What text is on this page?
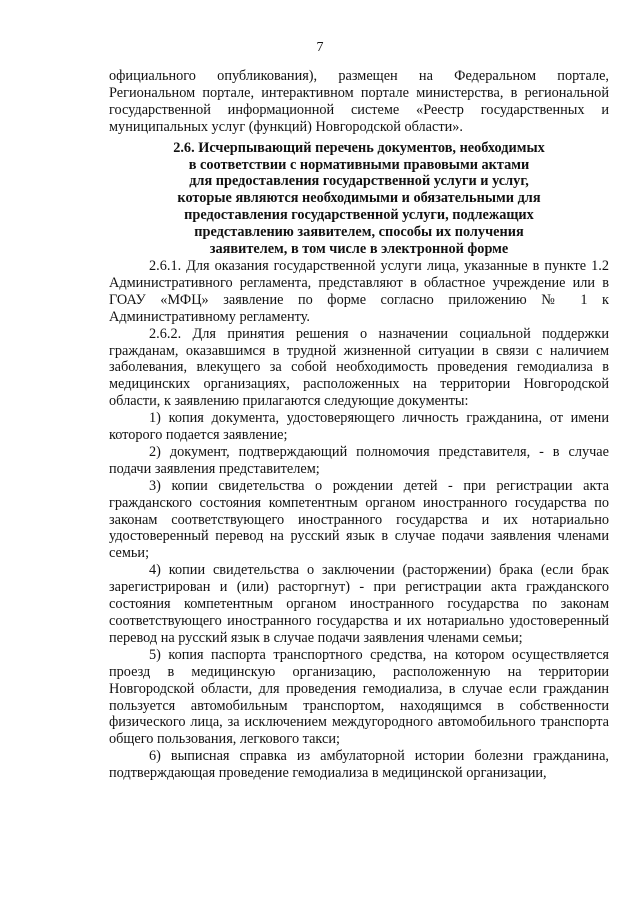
7

официального опубликования), размещен на Федеральном портале, Региональном портале, интерактивном портале министерства, в региональной государственной информационной системе «Реестр государственных и муниципальных услуг (функций) Новгородской области».

2.6. Исчерпывающий перечень документов, необходимых
в соответствии с нормативными правовыми актами
для предоставления государственной услуги и услуг,
которые являются необходимыми и обязательными для
предоставления государственной услуги, подлежащих
представлению заявителем, способы их получения
заявителем, в том числе в электронной форме

2.6.1. Для оказания государственной услуги лица, указанные в пункте 1.2 Административного регламента, представляют в областное учреждение или в ГОАУ «МФЦ» заявление по форме согласно приложению № 1 к Административному регламенту.

2.6.2. Для принятия решения о назначении социальной поддержки гражданам, оказавшимся в трудной жизненной ситуации в связи с наличием заболевания, влекущего за собой необходимость проведения гемодиализа в медицинских организациях, расположенных на территории Новгородской области, к заявлению прилагаются следующие документы:

1) копия документа, удостоверяющего личность гражданина, от имени которого подается заявление;

2) документ, подтверждающий полномочия представителя, - в случае подачи заявления представителем;

3) копии свидетельства о рождении детей - при регистрации акта гражданского состояния компетентным органом иностранного государства по законам соответствующего иностранного государства и их нотариально удостоверенный перевод на русский язык в случае подачи заявления членами семьи;

4) копии свидетельства о заключении (расторжении) брака (если брак зарегистрирован и (или) расторгнут) - при регистрации акта гражданского состояния компетентным органом иностранного государства по законам соответствующего иностранного государства и их нотариально удостоверенный перевод на русский язык в случае подачи заявления членами семьи;

5) копия паспорта транспортного средства, на котором осуществляется проезд в медицинскую организацию, расположенную на территории Новгородской области, для проведения гемодиализа, в случае если гражданин пользуется автомобильным транспортом, находящимся в собственности физического лица, за исключением междугородного автомобильного транспорта общего пользования, легкового такси;

6) выписная справка из амбулаторной истории болезни гражданина, подтверждающая проведение гемодиализа в медицинской организации,
